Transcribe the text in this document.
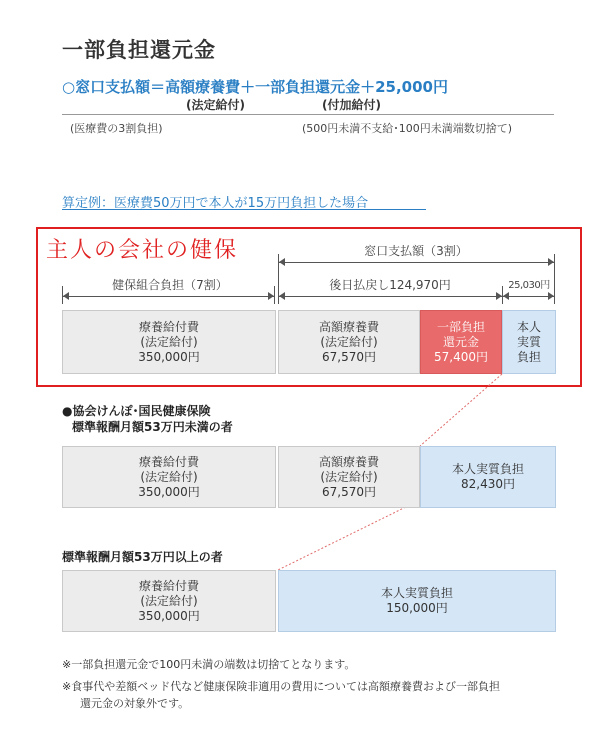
一部負担還元金
○窓口支払額＝高額療養費＋一部負担還元金＋25,000円
(法定給付)	(付加給付)
(医療費の3割負担)	(500円未満不支給･100円未満端数切捨て)
算定例：医療費50万円で本人が15万円負担した場合
主人の会社の健保	窓口支払額（3割）
健保組合負担（7割）	後日払戻し124,970円	25,030円
療養給付費
(法定給付)
350,000円
高額療養費
(法定給付)
67,570円
一部負担
還元金
57,400円
本人
実質
負担
●協会けんぽ･国民健康保険
標準報酬月額53万円未満の者
療養給付費
(法定給付)
350,000円
高額療養費
(法定給付)
67,570円
本人実質負担
82,430円
標準報酬月額53万円以上の者
療養給付費
(法定給付)
350,000円
本人実質負担
150,000円
※一部負担還元金で100円未満の端数は切捨てとなります。
※食事代や差額ベッド代など健康保険非適用の費用については高額療養費および一部負担
還元金の対象外です。
